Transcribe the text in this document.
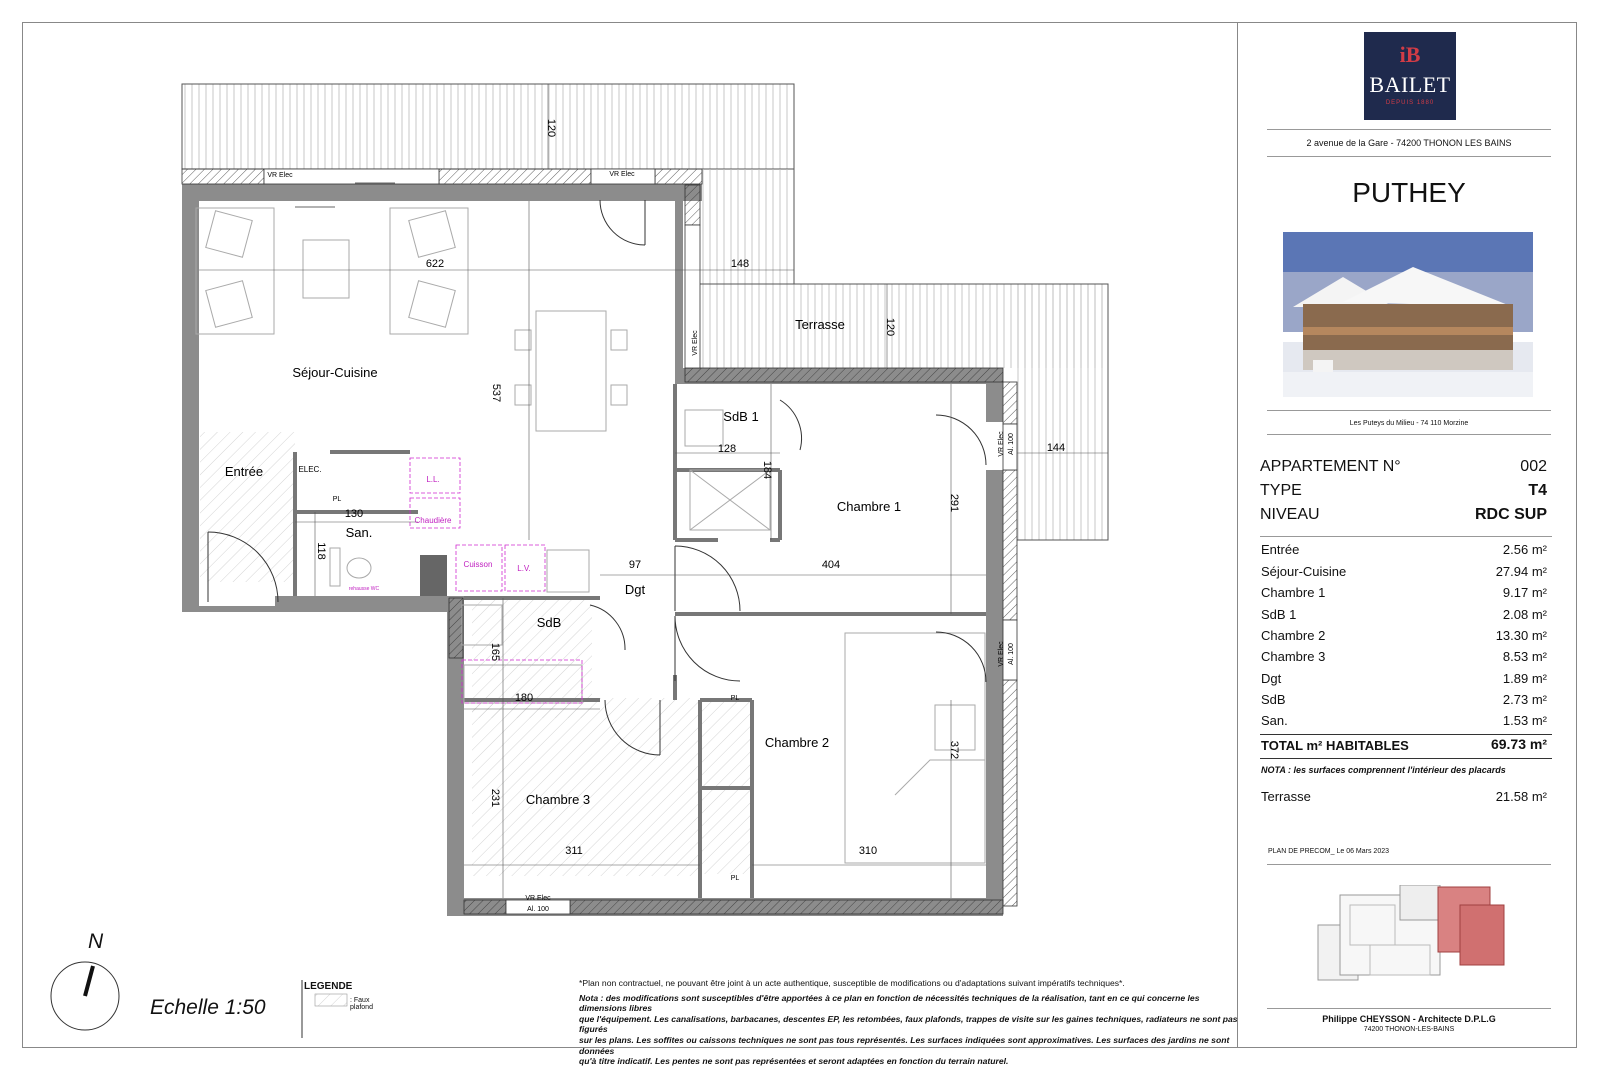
120
120
622	148
537
144
128
184
291
130
118
97	404
165
180
372
231
311	310
Séjour-Cuisine
Entrée
San.
SdB 1
Chambre 1
Dgt
SdB
Chambre 2
Chambre 3
Terrasse
VR Elec	VR Elec
VR Elec
VR Elec Al. 100
VR Elec Al. 100
VR Elec
Al. 100
ELEC.
PL
PL
PL
L.L.
Chaudière
Cuisson	L.V.
rehausse WC
N
Echelle 1:50
LEGENDE
: Faux plafond
*Plan non contractuel, ne pouvant être joint à un acte authentique, susceptible de modifications ou d'adaptations suivant impératifs techniques*.
Nota : des modifications sont susceptibles d'être apportées à ce plan en fonction de nécessités techniques de la réalisation, tant en ce qui concerne les dimensions libres
que l'équipement. Les canalisations, barbacanes, descentes EP, les retombées, faux plafonds, trappes de visite sur les gaines techniques, radiateurs ne sont pas figurés
sur les plans. Les soffites ou caissons techniques ne sont pas tous représentés. Les surfaces indiquées sont approximatives. Les surfaces des jardins ne sont données
qu'à titre indicatif. Les pentes ne sont pas représentées et seront adaptées en fonction du terrain naturel.
iB
BAILET
DEPUIS 1880
2 avenue de la Gare - 74200 THONON LES BAINS
PUTHEY
Les Puteys du Milieu - 74 110 Morzine
APPARTEMENT N°	002
TYPE	T4
NIVEAU	RDC SUP
Entrée	2.56 m²
Séjour-Cuisine	27.94 m²
Chambre 1	9.17 m²
SdB 1	2.08 m²
Chambre 2	13.30 m²
Chambre 3	8.53 m²
Dgt	1.89 m²
SdB	2.73 m²
San.	1.53 m²
TOTAL m² HABITABLES	69.73 m²
NOTA : les surfaces comprennent l'intérieur des placards
Terrasse	21.58 m²
PLAN DE PRECOM_ Le 06 Mars 2023
Philippe CHEYSSON - Architecte D.P.L.G
74200 THONON-LES-BAINS
